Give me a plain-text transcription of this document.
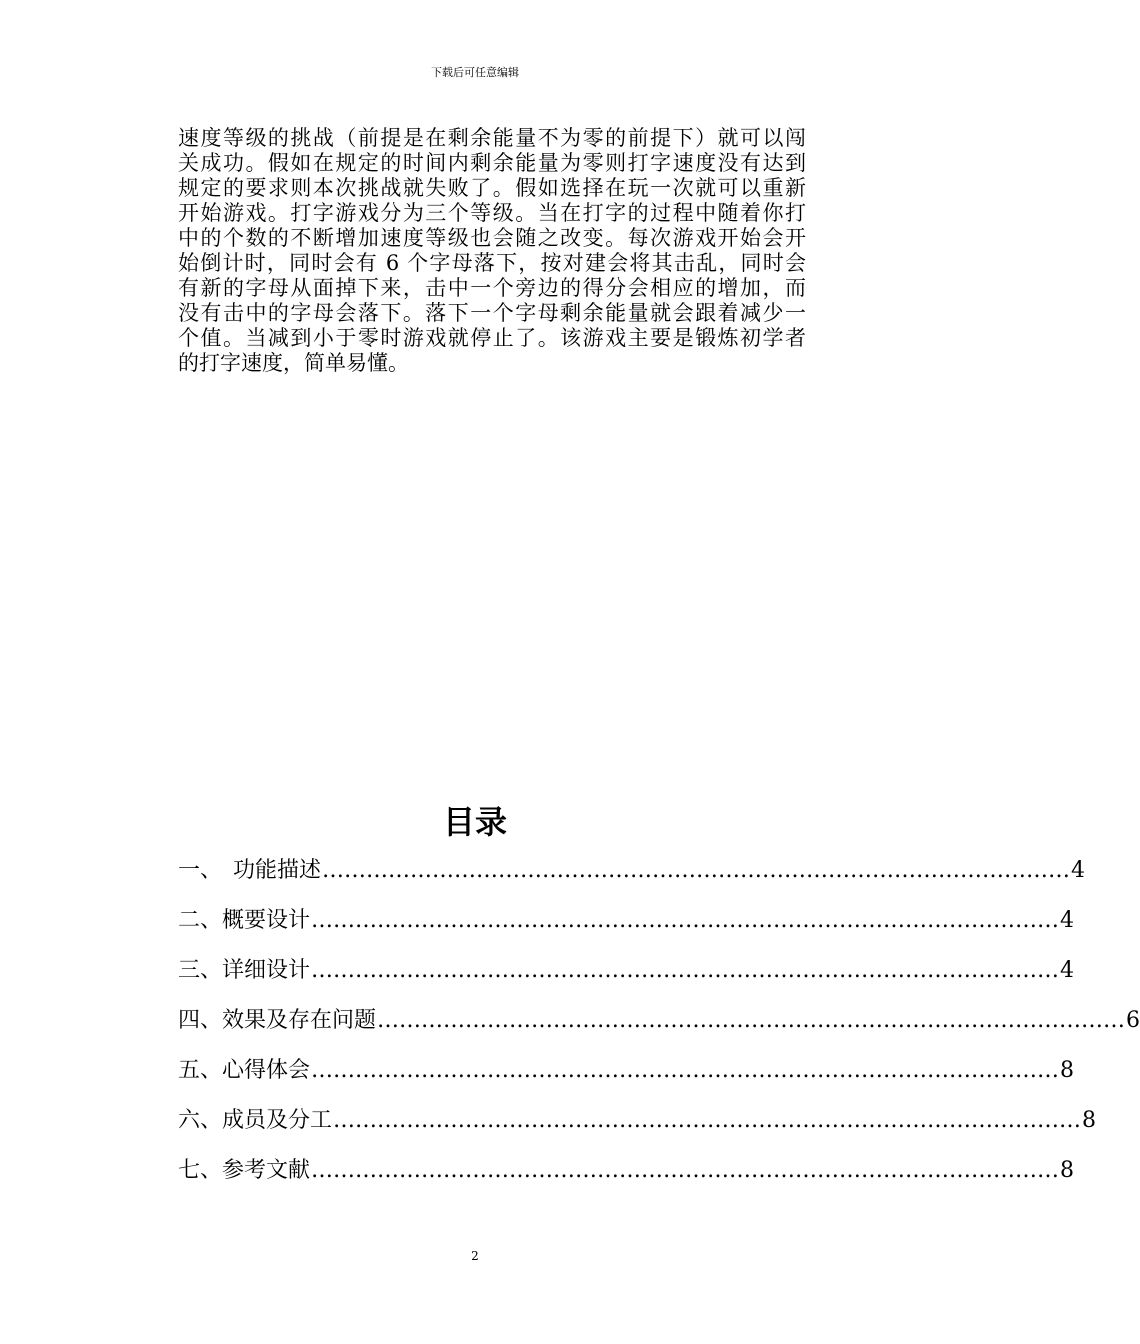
下载后可任意编辑
速度等级的挑战（前提是在剩余能量不为零的前提下）就可以闯
关成功。假如在规定的时间内剩余能量为零则打字速度没有达到
规定的要求则本次挑战就失败了。假如选择在玩一次就可以重新
开始游戏。打字游戏分为三个等级。当在打字的过程中随着你打
中的个数的不断增加速度等级也会随之改变。每次游戏开始会开
始倒计时，同时会有 6 个字母落下，按对建会将其击乱，同时会
有新的字母从面掉下来，击中一个旁边的得分会相应的增加，而
没有击中的字母会落下。落下一个字母剩余能量就会跟着减少一
个值。当减到小于零时游戏就停止了。该游戏主要是锻炼初学者
的打字速度，简单易懂。
目录
一、　功能描述 ………………………………………………………………………………………… 4
二、概要设计 ………………………………………………………………………………………… 4
三、详细设计 ………………………………………………………………………………………… 4
四、效果及存在问题 ………………………………………………………………………………………… 6
五、心得体会 ………………………………………………………………………………………… 8
六、成员及分工 ………………………………………………………………………………………… 8
七、参考文献 ………………………………………………………………………………………… 8
2
